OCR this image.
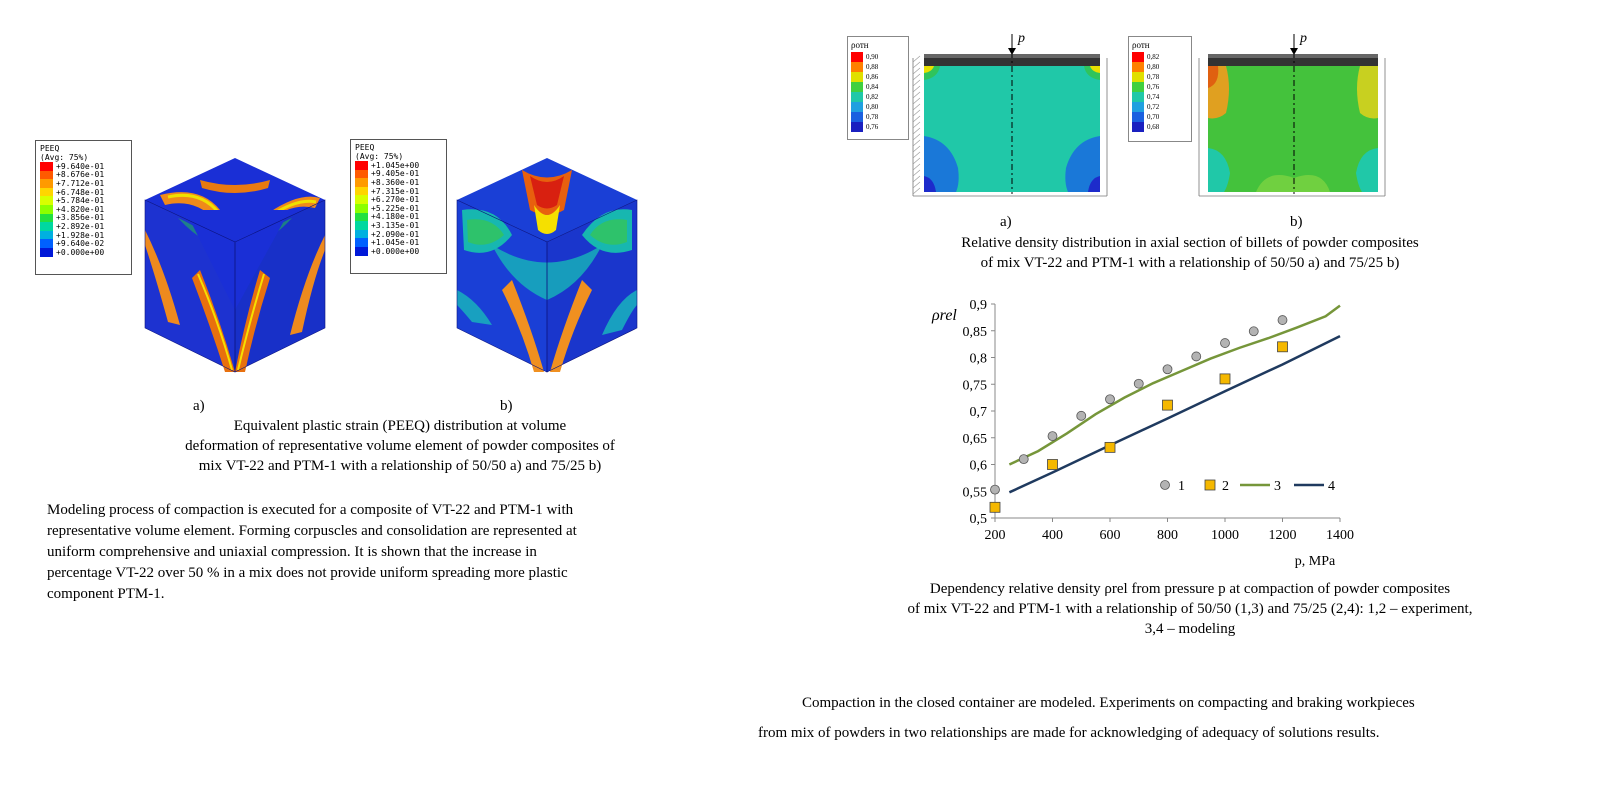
PEEQ
(Avg: 75%)
+9.640e-01
+8.676e-01
+7.712e-01
+6.748e-01
+5.784e-01
+4.820e-01
+3.856e-01
+2.892e-01
+1.928e-01
+9.640e-02
+0.000e+00
PEEQ
(Avg: 75%)
+1.045e+00
+9.405e-01
+8.360e-01
+7.315e-01
+6.270e-01
+5.225e-01
+4.180e-01
+3.135e-01
+2.090e-01
+1.045e-01
+0.000e+00
a)	b)
Equivalent plastic strain (PEEQ) distribution at volume
deformation of representative volume element of powder composites of
mix VT-22 and PTM-1 with a relationship of 50/50 a) and 75/25 b)
Modeling process of compaction is executed for a composite of VT-22 and PTM-1 with
representative volume element. Forming corpuscles and consolidation are represented at
uniform comprehensive and uniaxial compression. It is shown that the increase in
percentage VT-22 over 50 % in a mix does not provide uniform spreading more plastic
component PTM-1.
ρотн
0,90
0,88
0,86
0,84
0,82
0,80
0,78
0,76
p	ρотн
0,82
0,80
0,78
0,76
0,74
0,72
0,70
0,68
p
a)	b)
Relative density distribution in axial section of billets of powder composites
of mix VT-22 and PTM-1 with a relationship of 50/50 a) and 75/25 b)
0,5
0,55
0,6
0,65
0,7
0,75
0,8
0,85
0,9
200	400	600	800 1000 1200 1400
ρrel
p, MPa
1	2	3	4
Dependency relative density ρrel from pressure p at compaction of powder composites
of mix VT-22 and PTM-1 with a relationship of 50/50 (1,3) and 75/25 (2,4): 1,2 – experiment,
3,4 – modeling
Compaction in the closed container are modeled. Experiments on compacting and braking workpieces
from mix of powders in two relationships are made for acknowledging of adequacy of solutions results.
